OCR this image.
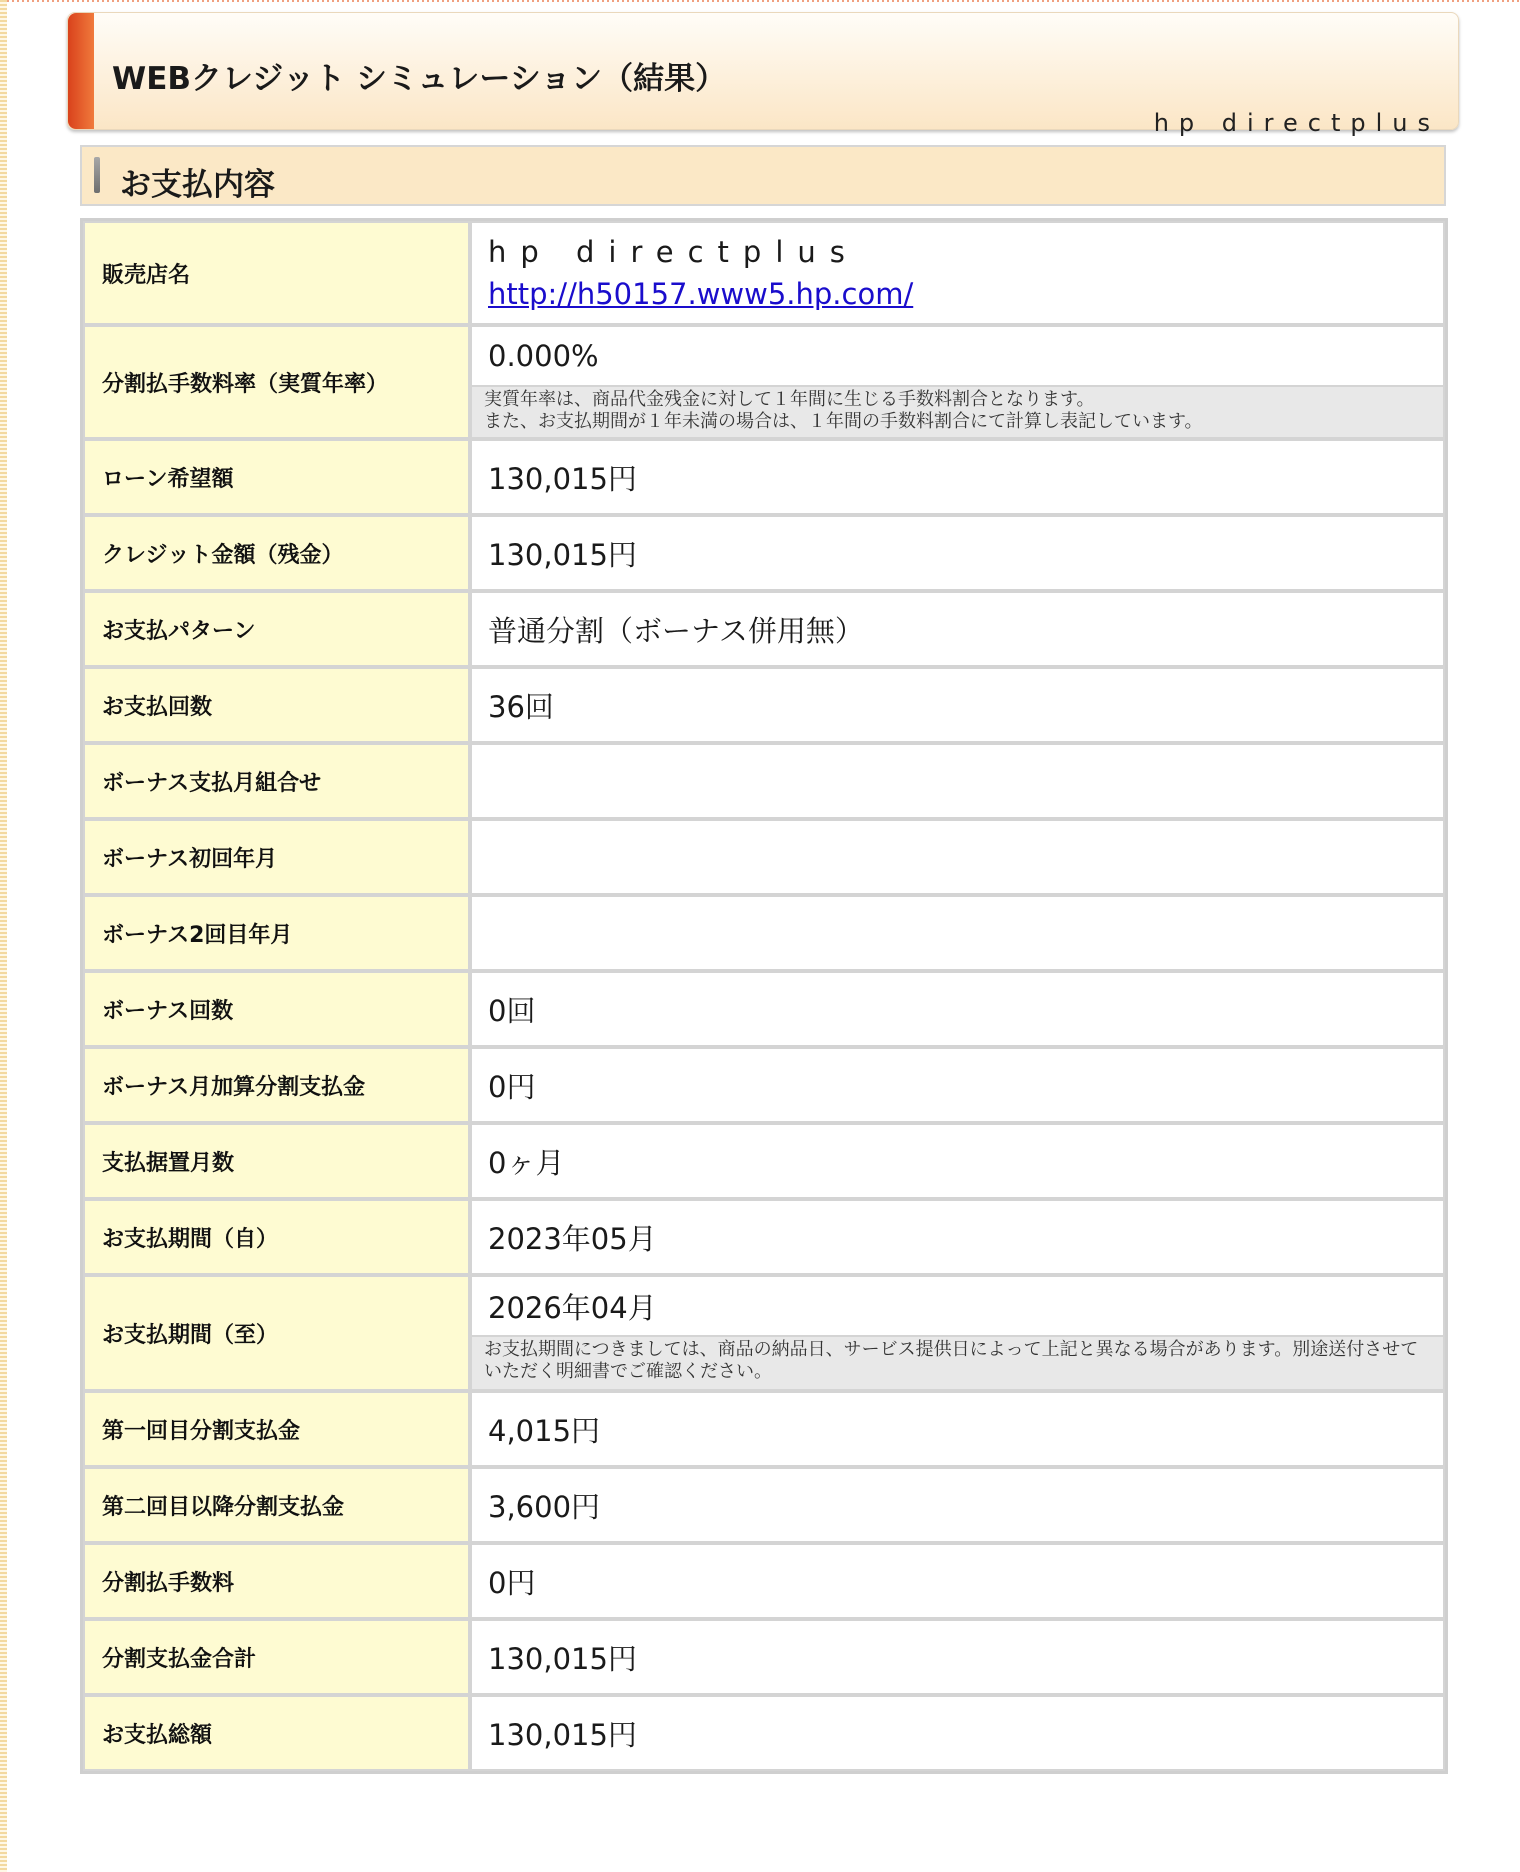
WEBクレジット シミュレーション（結果）
hp directplus
お支払内容
販売店名	hp directplus
http://h50157.www5.hp.com/
分割払手数料率（実質年率）	0.000%
実質年率は、商品代金残金に対して１年間に生じる手数料割合となります。
また、お支払期間が１年未満の場合は、１年間の手数料割合にて計算し表記しています。

ローン希望額	130,015円
クレジット金額（残金）	130,015円
お支払パターン	普通分割（ボーナス併用無）
お支払回数	36回
ボーナス支払月組合せ	
ボーナス初回年月	
ボーナス2回目年月	
ボーナス回数	0回
ボーナス月加算分割支払金	0円
支払据置月数	0ヶ月
お支払期間（自）	2023年05月
お支払期間（至）	2026年04月
お支払期間につきましては、商品の納品日、サービス提供日によって上記と異なる場合があります。別途送付させていただく明細書でご確認ください。

第一回目分割支払金	4,015円
第二回目以降分割支払金	3,600円
分割払手数料	0円
分割支払金合計	130,015円
お支払総額	130,015円
